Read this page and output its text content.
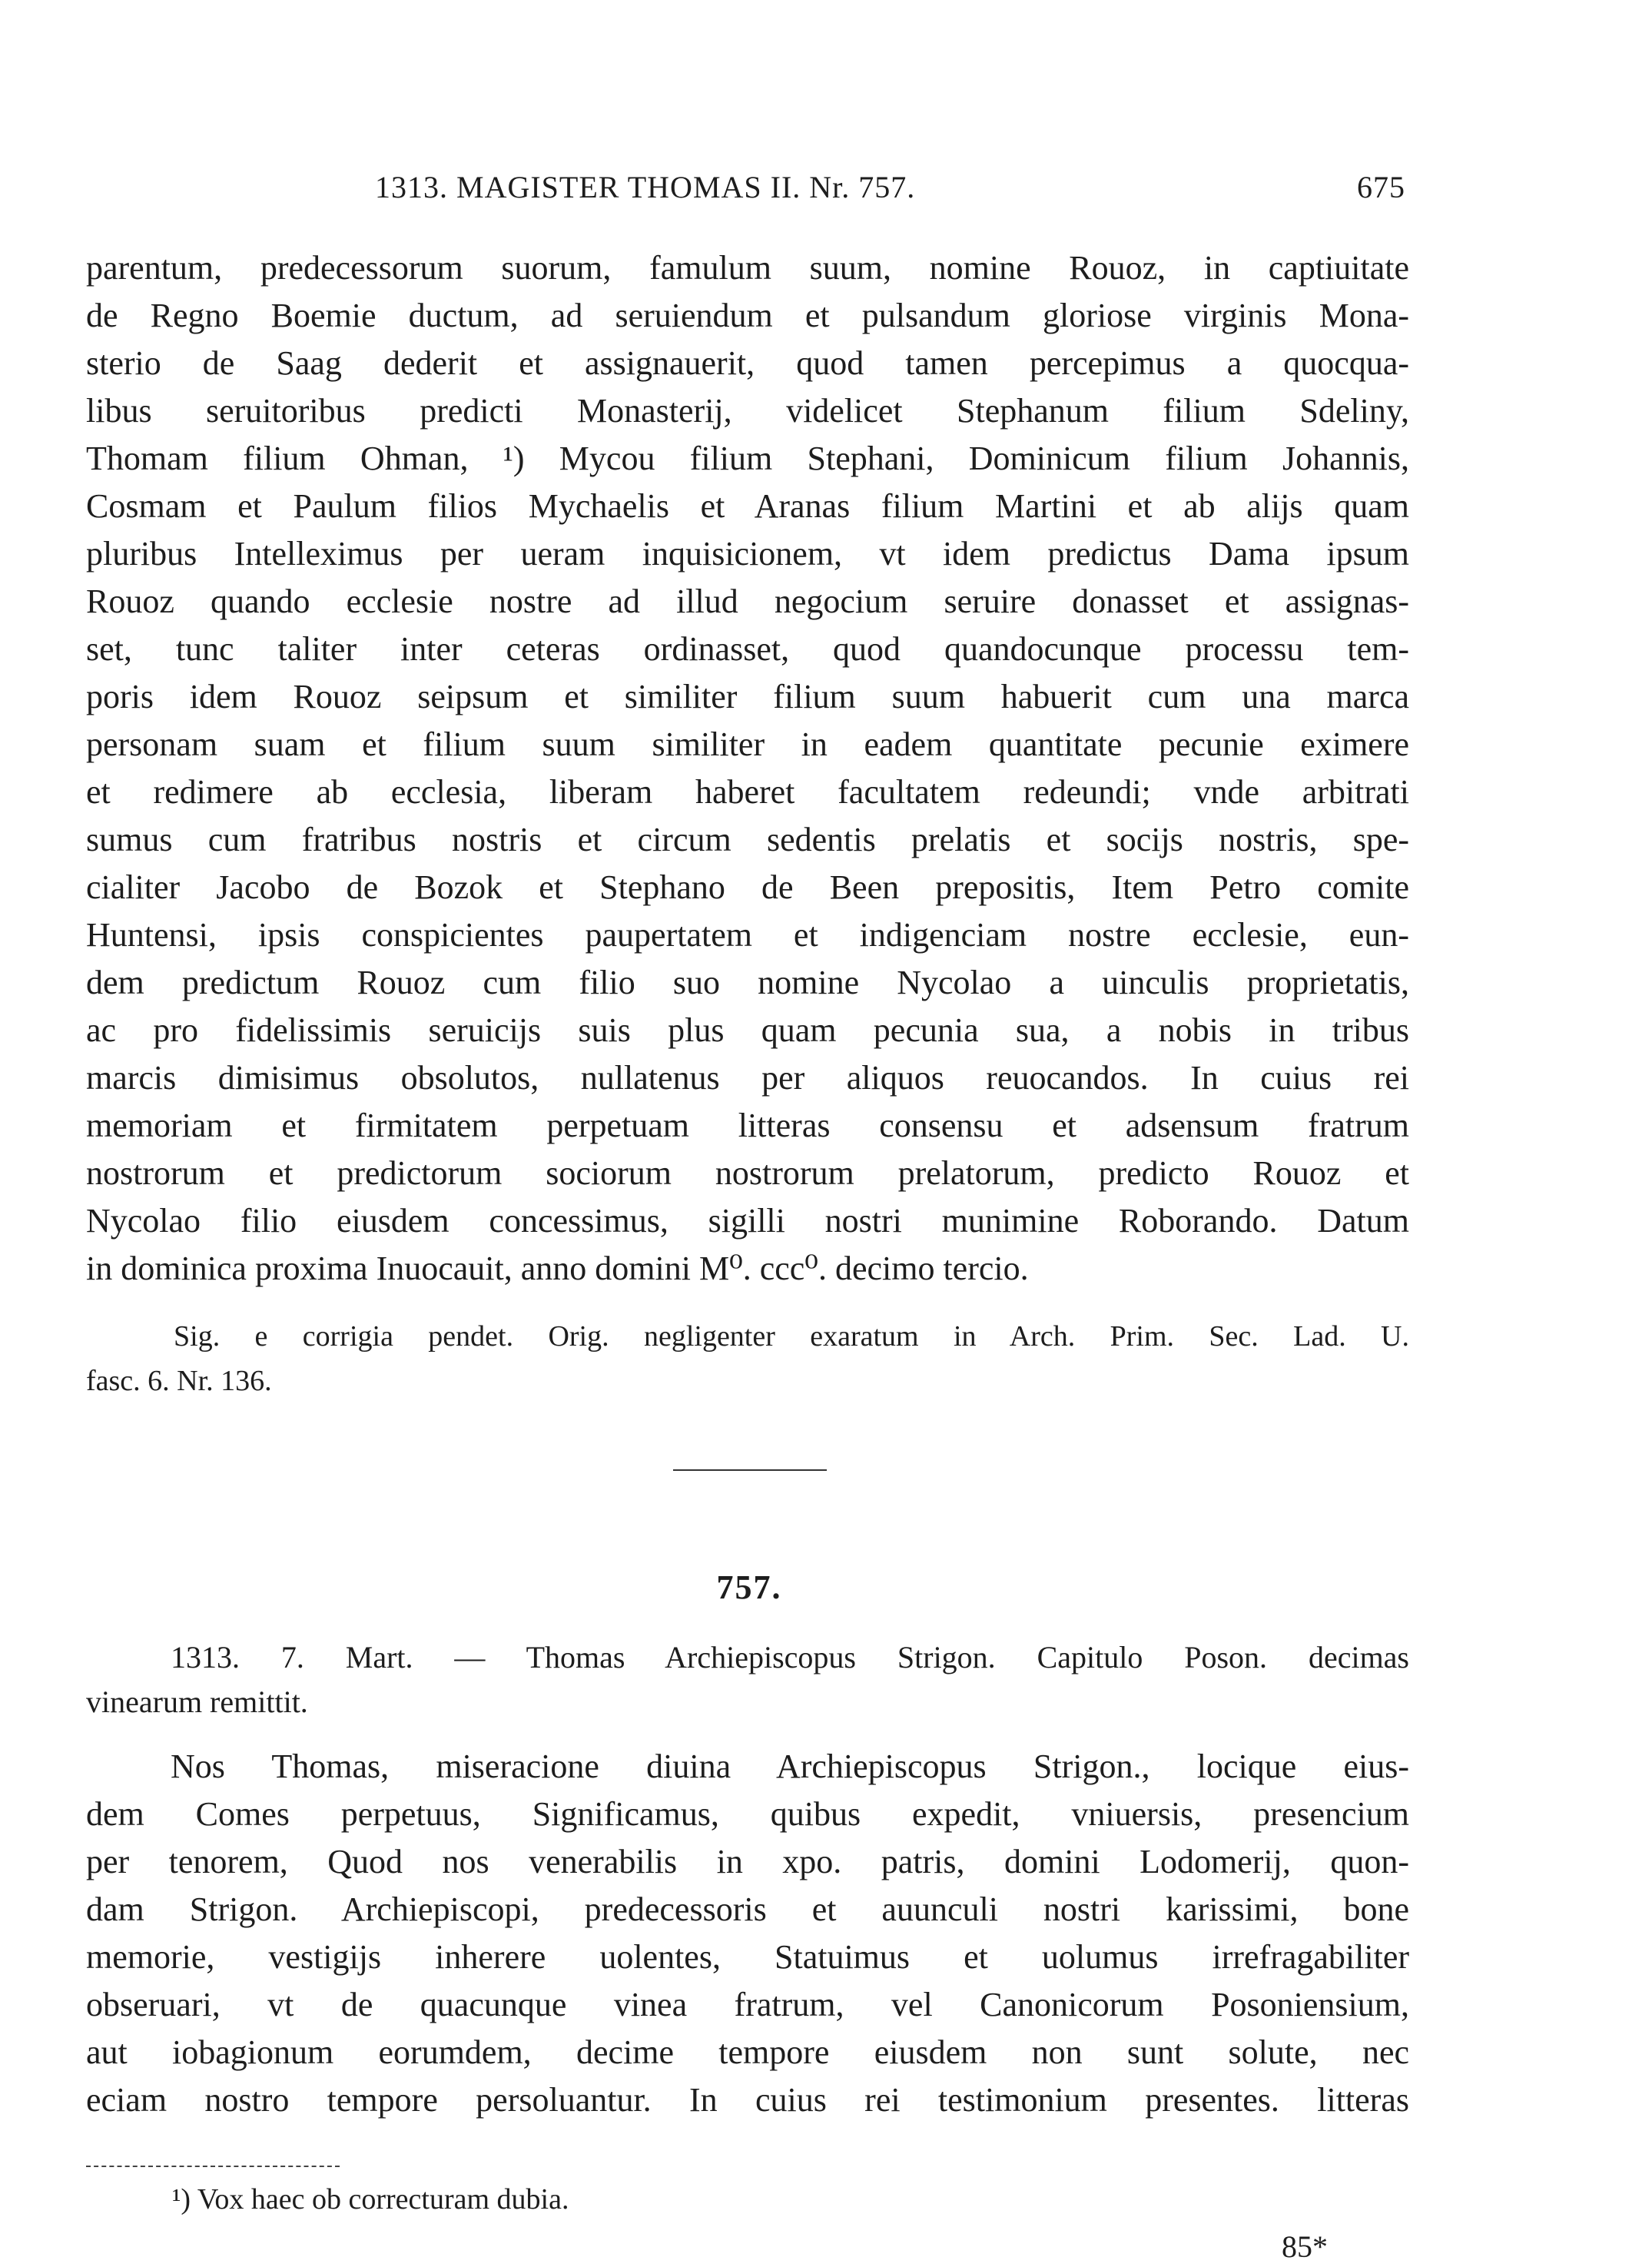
1313. MAGISTER THOMAS II. Nr. 757.	675
parentum, predecessorum suorum, famulum suum, nomine Rouoz, in captiuitate
de Regno Boemie ductum, ad seruiendum et pulsandum gloriose virginis Mona-
sterio de Saag dederit et assignauerit, quod tamen percepimus a quocqua-
libus seruitoribus predicti Monasterij, videlicet Stephanum filium Sdeliny,
Thomam filium Ohman, ¹) Mycou filium Stephani, Dominicum filium Johannis,
Cosmam et Paulum filios Mychaelis et Aranas filium Martini et ab alijs quam
pluribus Intelleximus per ueram inquisicionem, vt idem predictus Dama ipsum
Rouoz quando ecclesie nostre ad illud negocium seruire donasset et assignas-
set, tunc taliter inter ceteras ordinasset, quod quandocunque processu tem-
poris idem Rouoz seipsum et similiter filium suum habuerit cum una marca
personam suam et filium suum similiter in eadem quantitate pecunie eximere
et redimere ab ecclesia, liberam haberet facultatem redeundi; vnde arbitrati
sumus cum fratribus nostris et circum sedentis prelatis et socijs nostris, spe-
cialiter Jacobo de Bozok et Stephano de Been prepositis, Item Petro comite
Huntensi, ipsis conspicientes paupertatem et indigenciam nostre ecclesie, eun-
dem predictum Rouoz cum filio suo nomine Nycolao a uinculis proprietatis,
ac pro fidelissimis seruicijs suis plus quam pecunia sua, a nobis in tribus
marcis dimisimus obsolutos, nullatenus per aliquos reuocandos. In cuius rei
memoriam et firmitatem perpetuam litteras consensu et adsensum fratrum
nostrorum et predictorum sociorum nostrorum prelatorum, predicto Rouoz et
Nycolao filio eiusdem concessimus, sigilli nostri munimine Roborando. Datum
in dominica proxima Inuocauit, anno domini M⁰. ccc⁰. decimo tercio.
Sig. e corrigia pendet. Orig. negligenter exaratum in Arch. Prim. Sec. Lad. U.
fasc. 6. Nr. 136.
757.
1313. 7. Mart. — Thomas Archiepiscopus Strigon. Capitulo Poson. decimas
vinearum remittit.
Nos Thomas, miseracione diuina Archiepiscopus Strigon., locique eius-
dem Comes perpetuus, Significamus, quibus expedit, vniuersis, presencium
per tenorem, Quod nos venerabilis in xpo. patris, domini Lodomerij, quon-
dam Strigon. Archiepiscopi, predecessoris et auunculi nostri karissimi, bone
memorie, vestigijs inherere uolentes, Statuimus et uolumus irrefragabiliter
obseruari, vt de quacunque vinea fratrum, vel Canonicorum Posoniensium,
aut iobagionum eorumdem, decime tempore eiusdem non sunt solute, nec
eciam nostro tempore persoluantur. In cuius rei testimonium presentes. litteras
¹) Vox haec ob correcturam dubia.
85*
